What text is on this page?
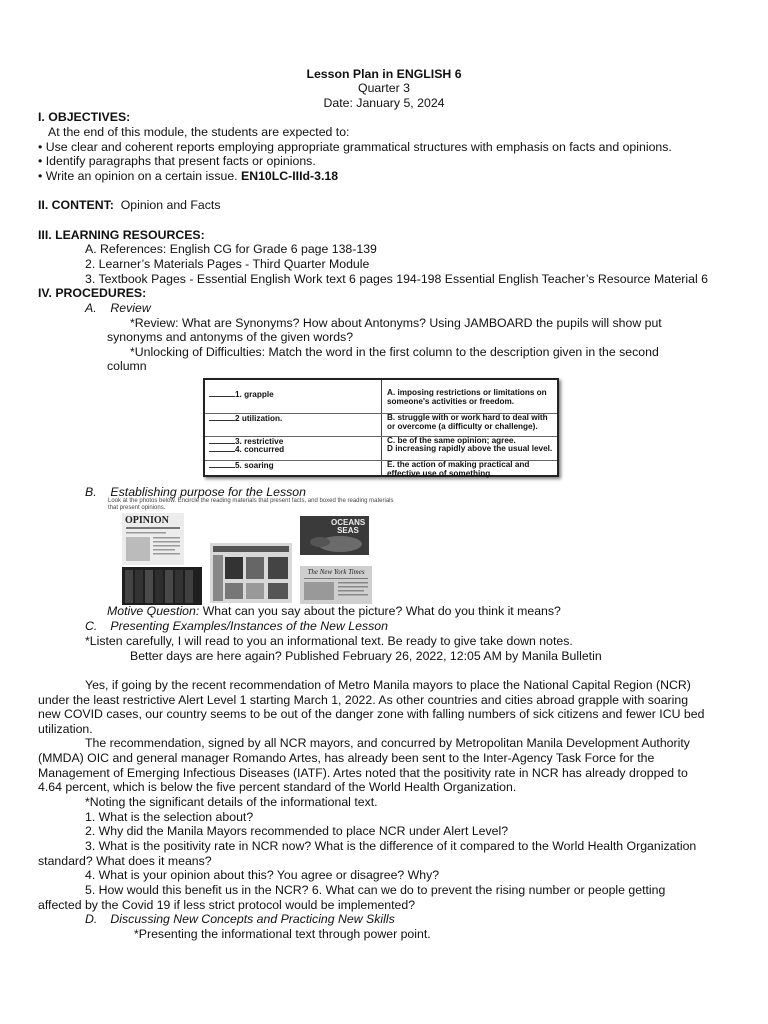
Lesson Plan in ENGLISH 6
Quarter 3
Date: January 5, 2024
I. OBJECTIVES:
At the end of this module, the students are expected to:
• Use clear and coherent reports employing appropriate grammatical structures with emphasis on facts and opinions.
• Identify paragraphs that present facts or opinions.
• Write an opinion on a certain issue. EN10LC-IIId-3.18
II. CONTENT: Opinion and Facts
III. LEARNING RESOURCES:
A. References: English CG for Grade 6 page 138-139
2. Learner’s Materials Pages - Third Quarter Module
3. Textbook Pages - Essential English Work text 6 pages 194-198 Essential English Teacher’s Resource Material 6
IV. PROCEDURES:
A. Review
*Review: What are Synonyms? How about Antonyms? Using JAMBOARD the pupils will show put
synonyms and antonyms of the given words?
*Unlocking of Difficulties: Match the word in the first column to the description given in the second
column
1. grapple	A. imposing restrictions or limitations on someone's activities or freedom.
2 utilization.	B. struggle with or work hard to deal with or overcome (a difficulty or challenge).
3. restrictive	C. be of the same opinion; agree.
4. concurred	D increasing rapidly above the usual level.
5. soaring	E. the action of making practical and effective use of something
B. Establishing purpose for the Lesson
Look at the photos below. Encircle the reading materials that present facts, and boxed the reading materials that present opinions.
OPINION	OCEANS SEAS
The New York Times
Motive Question: What can you say about the picture? What do you think it means?
C. Presenting Examples/Instances of the New Lesson
*Listen carefully, I will read to you an informational text. Be ready to give take down notes.
Better days are here again? Published February 26, 2022, 12:05 AM by Manila Bulletin
Yes, if going by the recent recommendation of Metro Manila mayors to place the National Capital Region (NCR)
under the least restrictive Alert Level 1 starting March 1, 2022. As other countries and cities abroad grapple with soaring
new COVID cases, our country seems to be out of the danger zone with falling numbers of sick citizens and fewer ICU bed
utilization.
The recommendation, signed by all NCR mayors, and concurred by Metropolitan Manila Development Authority
(MMDA) OIC and general manager Romando Artes, has already been sent to the Inter-Agency Task Force for the
Management of Emerging Infectious Diseases (IATF). Artes noted that the positivity rate in NCR has already dropped to
4.64 percent, which is below the five percent standard of the World Health Organization.
*Noting the significant details of the informational text.
1. What is the selection about?
2. Why did the Manila Mayors recommended to place NCR under Alert Level?
3. What is the positivity rate in NCR now? What is the difference of it compared to the World Health Organization
standard? What does it means?
4. What is your opinion about this? You agree or disagree? Why?
5. How would this benefit us in the NCR? 6. What can we do to prevent the rising number or people getting
affected by the Covid 19 if less strict protocol would be implemented?
D. Discussing New Concepts and Practicing New Skills
*Presenting the informational text through power point.
